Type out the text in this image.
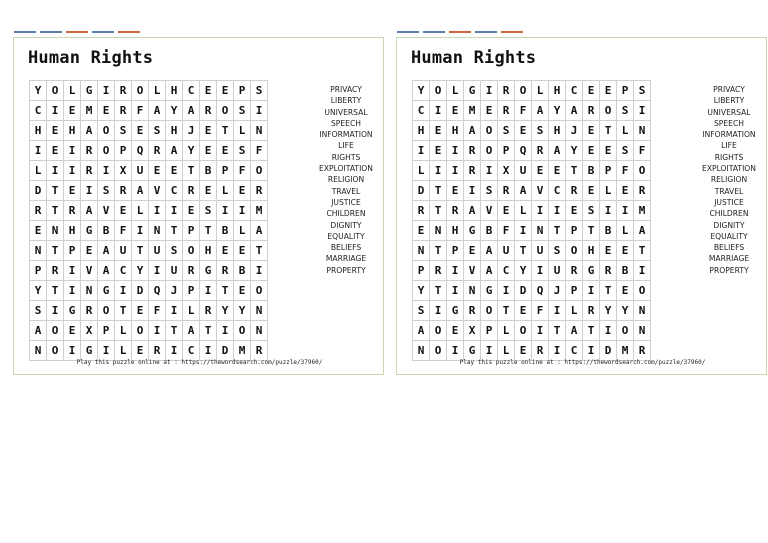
Human Rights
Y	O	L	G	I	R	O	L	H	C	E	E	P	S
C	I	E	M	E	R	F	A	Y	A	R	O	S	I
H	E	H	A	O	S	E	S	H	J	E	T	L	N
I	E	I	R	O	P	Q	R	A	Y	E	E	S	F
L	I	I	R	I	X	U	E	E	T	B	P	F	O
D	T	E	I	S	R	A	V	C	R	E	L	E	R
R	T	R	A	V	E	L	I	I	E	S	I	I	M
E	N	H	G	B	F	I	N	T	P	T	B	L	A
N	T	P	E	A	U	T	U	S	O	H	E	E	T
P	R	I	V	A	C	Y	I	U	R	G	R	B	I
Y	T	I	N	G	I	D	Q	J	P	I	T	E	O
S	I	G	R	O	T	E	F	I	L	R	Y	Y	N
A	O	E	X	P	L	O	I	T	A	T	I	O	N
N	O	I	G	I	L	E	R	I	C	I	D	M	R
PRIVACY
LIBERTY
UNIVERSAL
SPEECH
INFORMATION
LIFE
RIGHTS
EXPLOITATION
RELIGION
TRAVEL
JUSTICE
CHILDREN
DIGNITY
EQUALITY
BELIEFS
MARRIAGE
PROPERTY
Play this puzzle online at : https://thewordsearch.com/puzzle/37960/
Human Rights
Y	O	L	G	I	R	O	L	H	C	E	E	P	S
C	I	E	M	E	R	F	A	Y	A	R	O	S	I
H	E	H	A	O	S	E	S	H	J	E	T	L	N
I	E	I	R	O	P	Q	R	A	Y	E	E	S	F
L	I	I	R	I	X	U	E	E	T	B	P	F	O
D	T	E	I	S	R	A	V	C	R	E	L	E	R
R	T	R	A	V	E	L	I	I	E	S	I	I	M
E	N	H	G	B	F	I	N	T	P	T	B	L	A
N	T	P	E	A	U	T	U	S	O	H	E	E	T
P	R	I	V	A	C	Y	I	U	R	G	R	B	I
Y	T	I	N	G	I	D	Q	J	P	I	T	E	O
S	I	G	R	O	T	E	F	I	L	R	Y	Y	N
A	O	E	X	P	L	O	I	T	A	T	I	O	N
N	O	I	G	I	L	E	R	I	C	I	D	M	R
PRIVACY
LIBERTY
UNIVERSAL
SPEECH
INFORMATION
LIFE
RIGHTS
EXPLOITATION
RELIGION
TRAVEL
JUSTICE
CHILDREN
DIGNITY
EQUALITY
BELIEFS
MARRIAGE
PROPERTY
Play this puzzle online at : https://thewordsearch.com/puzzle/37960/
